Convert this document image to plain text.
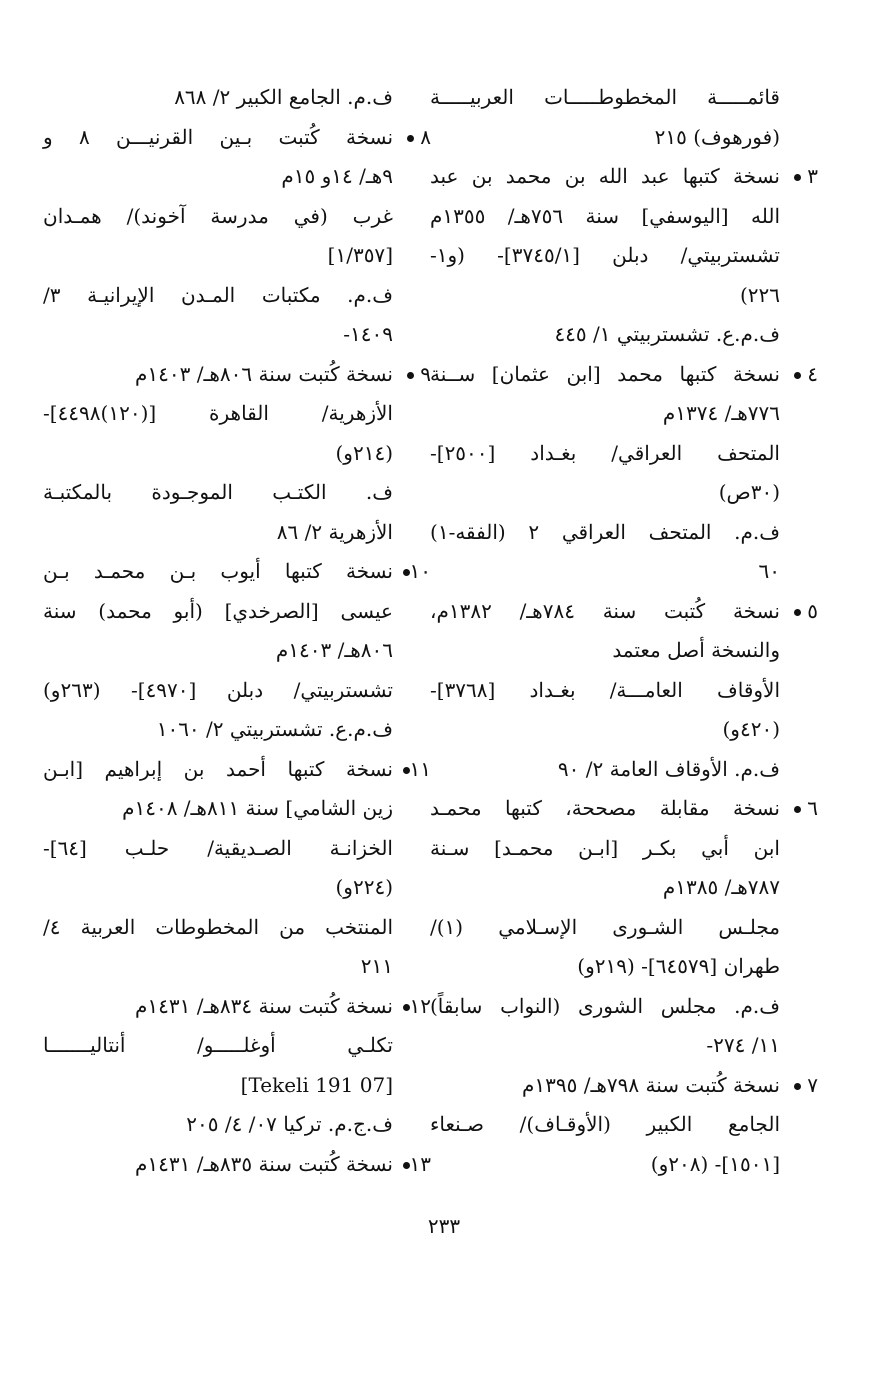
قائمـــــة المخطوطـــــات العربيـــــة
(فورهوف) ٢١٥
٣
نسخة كتبها عبد الله بن محمد بن عبد
الله [اليوسفي] سنة ٧٥٦هـ/ ١٣٥٥م
تشستربيتي/ دبلن [٣٧٤٥/١]- (و١-
٢٢٦)
ف.م.ع. تشستربيتي ١/ ٤٤٥
٤
نسخة كتبها محمد [ابن عثمان] ســنة
٧٧٦هـ/ ١٣٧٤م
المتحف العراقي/ بغـداد [٢٥٠٠]-
(٣٠ص)
ف.م. المتحف العراقي ٢ (الفقه-١)
٦٠
٥
نسخة كُتبت سنة ٧٨٤هـ/ ١٣٨٢م،
والنسخة أصل معتمد
الأوقاف العامـــة/ بغـداد [٣٧٦٨]-
(٤٢٠و)
ف.م. الأوقاف العامة ٢/ ٩٠
٦
نسخة مقابلة مصححة، كتبها محمـد
ابن أبي بكـر [ابـن محمـد] سـنة
٧٨٧هـ/ ١٣٨٥م
مجلـس الشـورى الإسـلامي (١)/
طهران [٦٤٥٧٩]- (٢١٩و)
ف.م. مجلس الشورى (النواب سابقاً)
١١/ ٢٧٤-
٧
نسخة كُتبت سنة ٧٩٨هـ/ ١٣٩٥م
الجامع الكبير (الأوقـاف)/ صـنعاء
[١٥٠١]- (٢٠٨و)
ف.م. الجامع الكبير ٢/ ٨٦٨
٨
نسخة كُتبت بـين القرنيـــن ٨ و
٩هـ/ ١٤و ١٥م
غرب (في مدرسة آخوند)/ همـدان
[١/٣٥٧]
ف.م. مكتبات المـدن الإيرانيـة ٣/
١٤٠٩-
٩
نسخة كُتبت سنة ٨٠٦هـ/ ١٤٠٣م
الأزهرية/ القاهرة [(١٢٠)٤٤٩٨]-
(٢١٤و)
ف. الكتـب الموجـودة بالمكتبـة
الأزهرية ٢/ ٨٦
١٠
نسخة كتبها أيوب بـن محمـد بـن
عيسى [الصرخدي] (أبو محمد) سنة
٨٠٦هـ/ ١٤٠٣م
تشستربيتي/ دبلن [٤٩٧٠]- (٢٦٣و)
ف.م.ع. تشستربيتي ٢/ ١٠٦٠
١١
نسخة كتبها أحمد بن إبراهيم [ابـن
زين الشامي] سنة ٨١١هـ/ ١٤٠٨م
الخزانـة الصـديقية/ حلـب [٦٤]-
(٢٢٤و)
المنتخب من المخطوطات العربية ٤/
٢١١
١٢
نسخة كُتبت سنة ٨٣٤هـ/ ١٤٣١م
تكلـي أوغلـــــو/ أنتاليـــــــا
[07 Tekeli 191]
ف.ج.م. تركيا ٠٧/ ٤/ ٢٠٥
١٣
نسخة كُتبت سنة ٨٣٥هـ/ ١٤٣١م
٢٣٣
